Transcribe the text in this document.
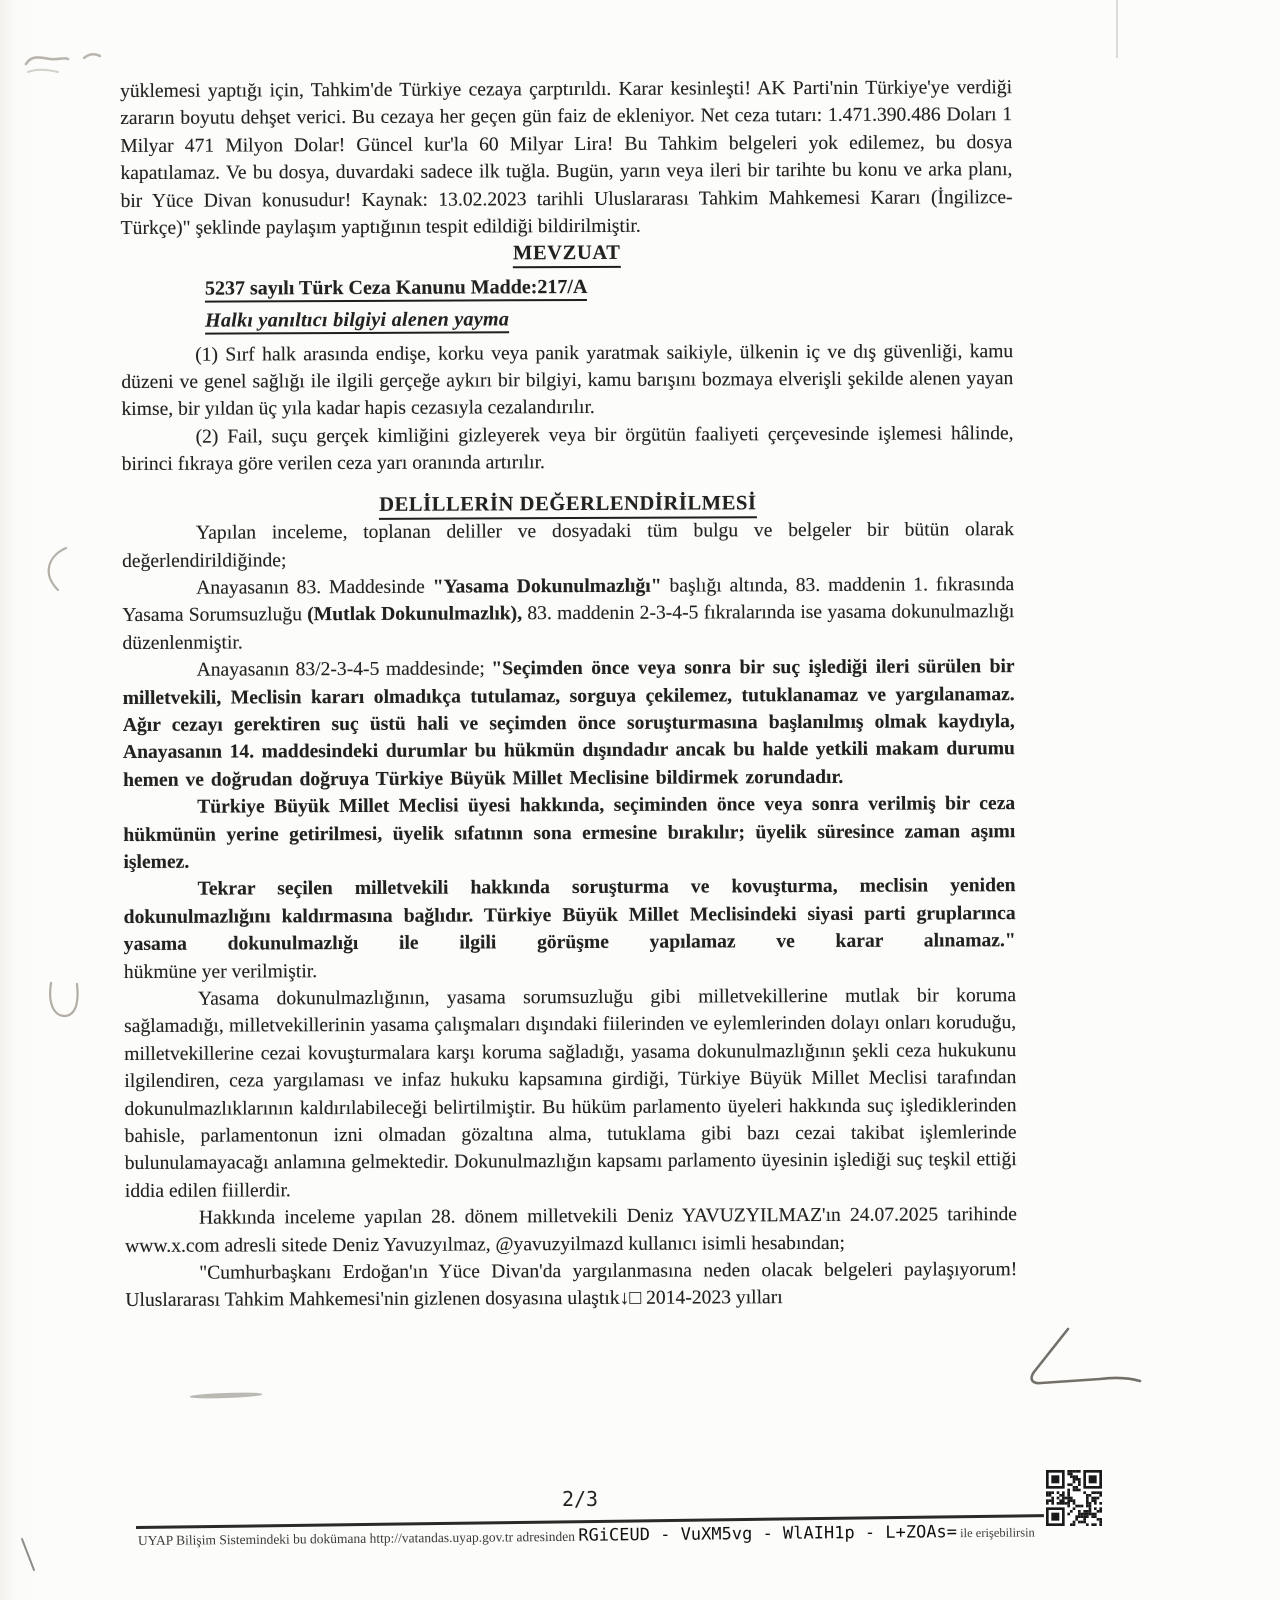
yüklemesi yaptığı için, Tahkim'de Türkiye cezaya çarptırıldı. Karar kesinleşti! AK Parti'nin Türkiye'ye verdiği zararın boyutu dehşet verici. Bu cezaya her geçen gün faiz de ekleniyor. Net ceza tutarı: 1.471.390.486 Doları 1 Milyar 471 Milyon Dolar! Güncel kur'la 60 Milyar Lira! Bu Tahkim belgeleri yok edilemez, bu dosya kapatılamaz. Ve bu dosya, duvardaki sadece ilk tuğla. Bugün, yarın veya ileri bir tarihte bu konu ve arka planı, bir Yüce Divan konusudur! Kaynak: 13.02.2023 tarihli Uluslararası Tahkim Mahkemesi Kararı (İngilizce-Türkçe)" şeklinde paylaşım yaptığının tespit edildiği bildirilmiştir.

MEVZUAT

5237 sayılı Türk Ceza Kanunu Madde:217/A

Halkı yanıltıcı bilgiyi alenen yayma

(1) Sırf halk arasında endişe, korku veya panik yaratmak saikiyle, ülkenin iç ve dış güvenliği, kamu düzeni ve genel sağlığı ile ilgili gerçeğe aykırı bir bilgiyi, kamu barışını bozmaya elverişli şekilde alenen yayan kimse, bir yıldan üç yıla kadar hapis cezasıyla cezalandırılır.

(2) Fail, suçu gerçek kimliğini gizleyerek veya bir örgütün faaliyeti çerçevesinde işlemesi hâlinde, birinci fıkraya göre verilen ceza yarı oranında artırılır.

DELİLLERİN DEĞERLENDİRİLMESİ

Yapılan inceleme, toplanan deliller ve dosyadaki tüm bulgu ve belgeler bir bütün olarak değerlendirildiğinde;

Anayasanın 83. Maddesinde "Yasama Dokunulmazlığı" başlığı altında, 83. maddenin 1. fıkrasında Yasama Sorumsuzluğu (Mutlak Dokunulmazlık), 83. maddenin 2-3-4-5 fıkralarında ise yasama dokunulmazlığı düzenlenmiştir.

Anayasanın 83/2-3-4-5 maddesinde; "Seçimden önce veya sonra bir suç işlediği ileri sürülen bir milletvekili, Meclisin kararı olmadıkça tutulamaz, sorguya çekilemez, tutuklanamaz ve yargılanamaz. Ağır cezayı gerektiren suç üstü hali ve seçimden önce soruşturmasına başlanılmış olmak kaydıyla, Anayasanın 14. maddesindeki durumlar bu hükmün dışındadır ancak bu halde yetkili makam durumu hemen ve doğrudan doğruya Türkiye Büyük Millet Meclisine bildirmek zorundadır.

Türkiye Büyük Millet Meclisi üyesi hakkında, seçiminden önce veya sonra verilmiş bir ceza hükmünün yerine getirilmesi, üyelik sıfatının sona ermesine bırakılır; üyelik süresince zaman aşımı işlemez.

Tekrar seçilen milletvekili hakkında soruşturma ve kovuşturma, meclisin yeniden dokunulmazlığını kaldırmasına bağlıdır. Türkiye Büyük Millet Meclisindeki siyasi parti gruplarınca yasama dokunulmazlığı ile ilgili görüşme yapılamaz ve karar alınamaz."

hükmüne yer verilmiştir.

Yasama dokunulmazlığının, yasama sorumsuzluğu gibi milletvekillerine mutlak bir koruma sağlamadığı, milletvekillerinin yasama çalışmaları dışındaki fiilerinden ve eylemlerinden dolayı onları koruduğu, milletvekillerine cezai kovuşturmalara karşı koruma sağladığı, yasama dokunulmazlığının şekli ceza hukukunu ilgilendiren, ceza yargılaması ve infaz hukuku kapsamına girdiği, Türkiye Büyük Millet Meclisi tarafından dokunulmazlıklarının kaldırılabileceği belirtilmiştir. Bu hüküm parlamento üyeleri hakkında suç işlediklerinden bahisle, parlamentonun izni olmadan gözaltına alma, tutuklama gibi bazı cezai takibat işlemlerinde bulunulamayacağı anlamına gelmektedir. Dokunulmazlığın kapsamı parlamento üyesinin işlediği suç teşkil ettiği iddia edilen fiillerdir.

Hakkında inceleme yapılan 28. dönem milletvekili Deniz YAVUZYILMAZ'ın 24.07.2025 tarihinde www.x.com adresli sitede Deniz Yavuzyılmaz, @yavuzyilmazd kullanıcı isimli hesabından;

"Cumhurbaşkanı Erdoğan'ın Yüce Divan'da yargılanmasına neden olacak belgeleri paylaşıyorum! Uluslararası Tahkim Mahkemesi'nin gizlenen dosyasına ulaştık↓□ 2014-2023 yılları

2/3
UYAP Bilişim Sistemindeki bu dokümana http://vatandas.uyap.gov.tr adresinden RGiCEUD - VuXM5vg - WlAIH1p - L+ZOAs= ile erişebilirsin
